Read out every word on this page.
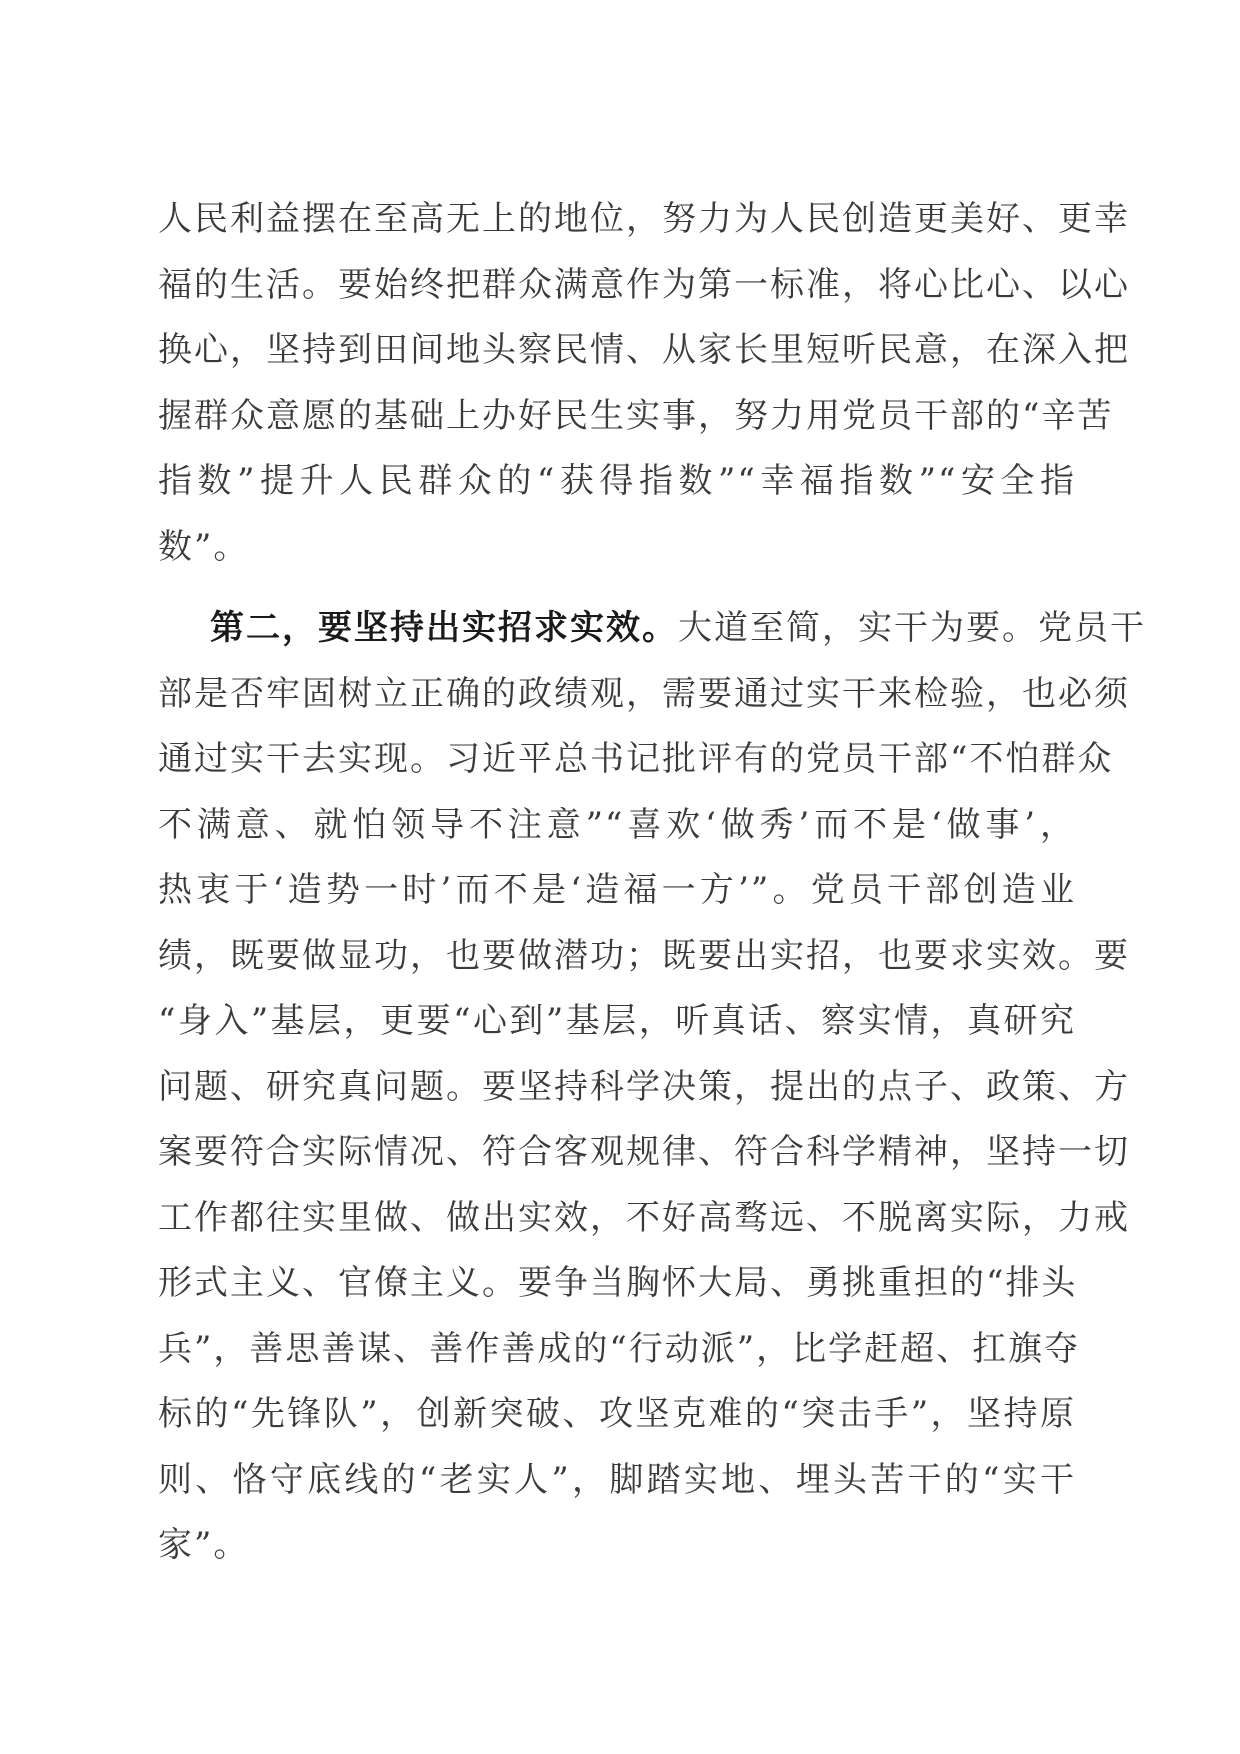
人民利益摆在至高无上的地位，努力为人民创造更美好、更幸
福的生活。要始终把群众满意作为第一标准，将心比心、以心
换心，坚持到田间地头察民情、从家长里短听民意，在深入把
握群众意愿的基础上办好民生实事，努力用党员干部的“辛苦
指数”提升人民群众的“获得指数”“幸福指数”“安全指
数”。
第二，要坚持出实招求实效。大道至简，实干为要。党员干
部是否牢固树立正确的政绩观，需要通过实干来检验，也必须
通过实干去实现。习近平总书记批评有的党员干部“不怕群众
不满意、就怕领导不注意”“喜欢‘做秀’而不是‘做事’，
热衷于‘造势一时’而不是‘造福一方’”。党员干部创造业
绩，既要做显功，也要做潜功；既要出实招，也要求实效。要
“身入”基层，更要“心到”基层，听真话、察实情，真研究
问题、研究真问题。要坚持科学决策，提出的点子、政策、方
案要符合实际情况、符合客观规律、符合科学精神，坚持一切
工作都往实里做、做出实效，不好高骛远、不脱离实际，力戒
形式主义、官僚主义。要争当胸怀大局、勇挑重担的“排头
兵”，善思善谋、善作善成的“行动派”，比学赶超、扛旗夺
标的“先锋队”，创新突破、攻坚克难的“突击手”，坚持原
则、恪守底线的“老实人”，脚踏实地、埋头苦干的“实干
家”。
